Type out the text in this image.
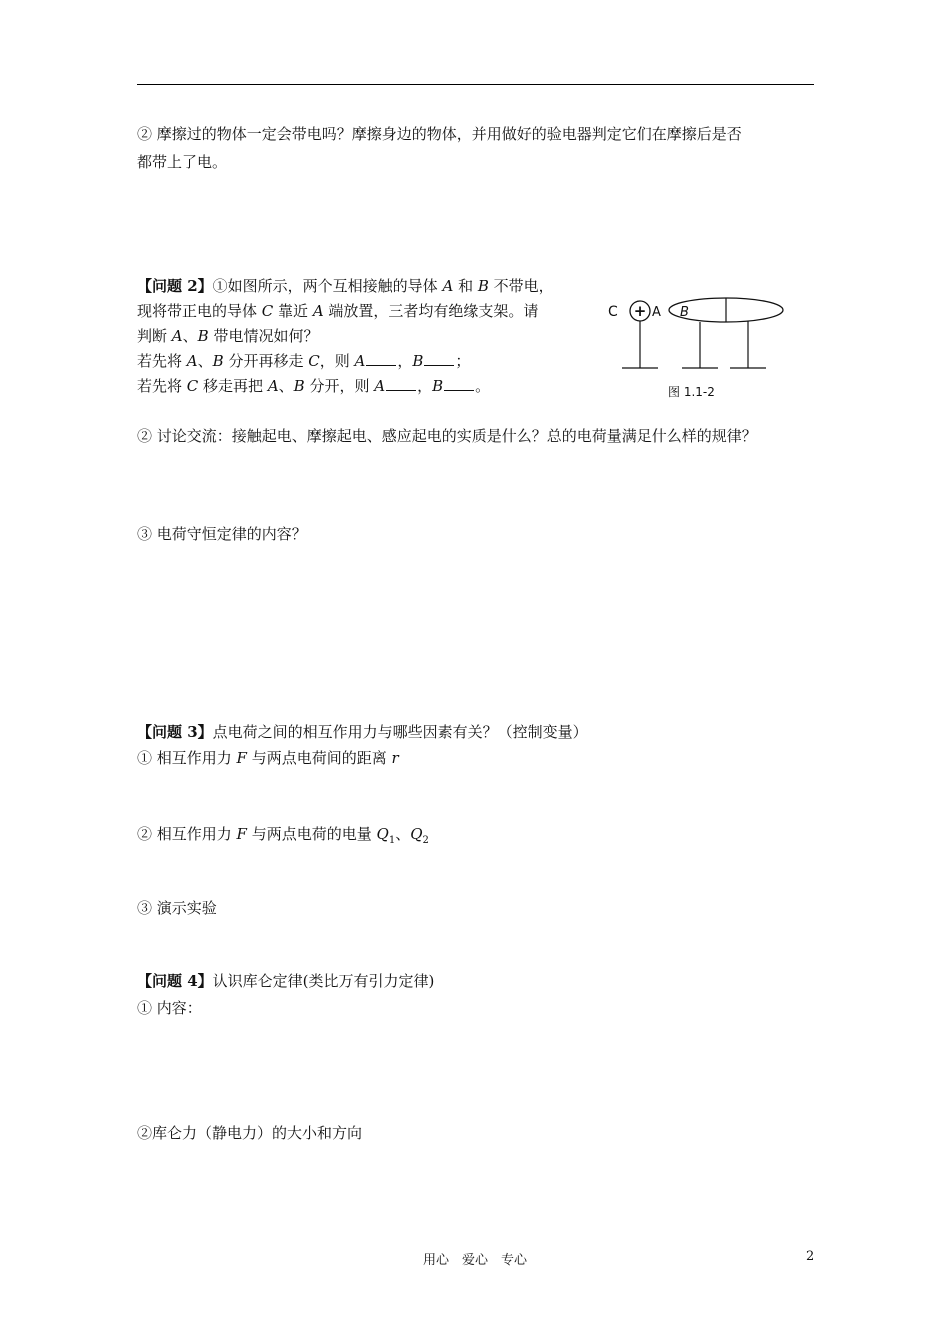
② 摩擦过的物体一定会带电吗？摩擦身边的物体，并用做好的验电器判定它们在摩擦后是否
都带上了电。
【问题 2】①如图所示，两个互相接触的导体 A 和 B 不带电，
现将带正电的导体 C 靠近 A 端放置，三者均有绝缘支架。请
判断 A、B 带电情况如何？
若先将 A、B 分开再移走 C，则 A ，B ；
若先将 C 移走再把 A、B 分开，则 A ，B 。
C + A B
图 1.1-2
② 讨论交流：接触起电、摩擦起电、感应起电的实质是什么？总的电荷量满足什么样的规律？
③ 电荷守恒定律的内容？
【问题 3】点电荷之间的相互作用力与哪些因素有关？（控制变量）
① 相互作用力 F 与两点电荷间的距离 r
② 相互作用力 F 与两点电荷的电量 $Q_1$、$Q_2$
③ 演示实验
【问题 4】认识库仑定律(类比万有引力定律)
① 内容：
②库仑力（静电力）的大小和方向
用心　爱心　专心	2
